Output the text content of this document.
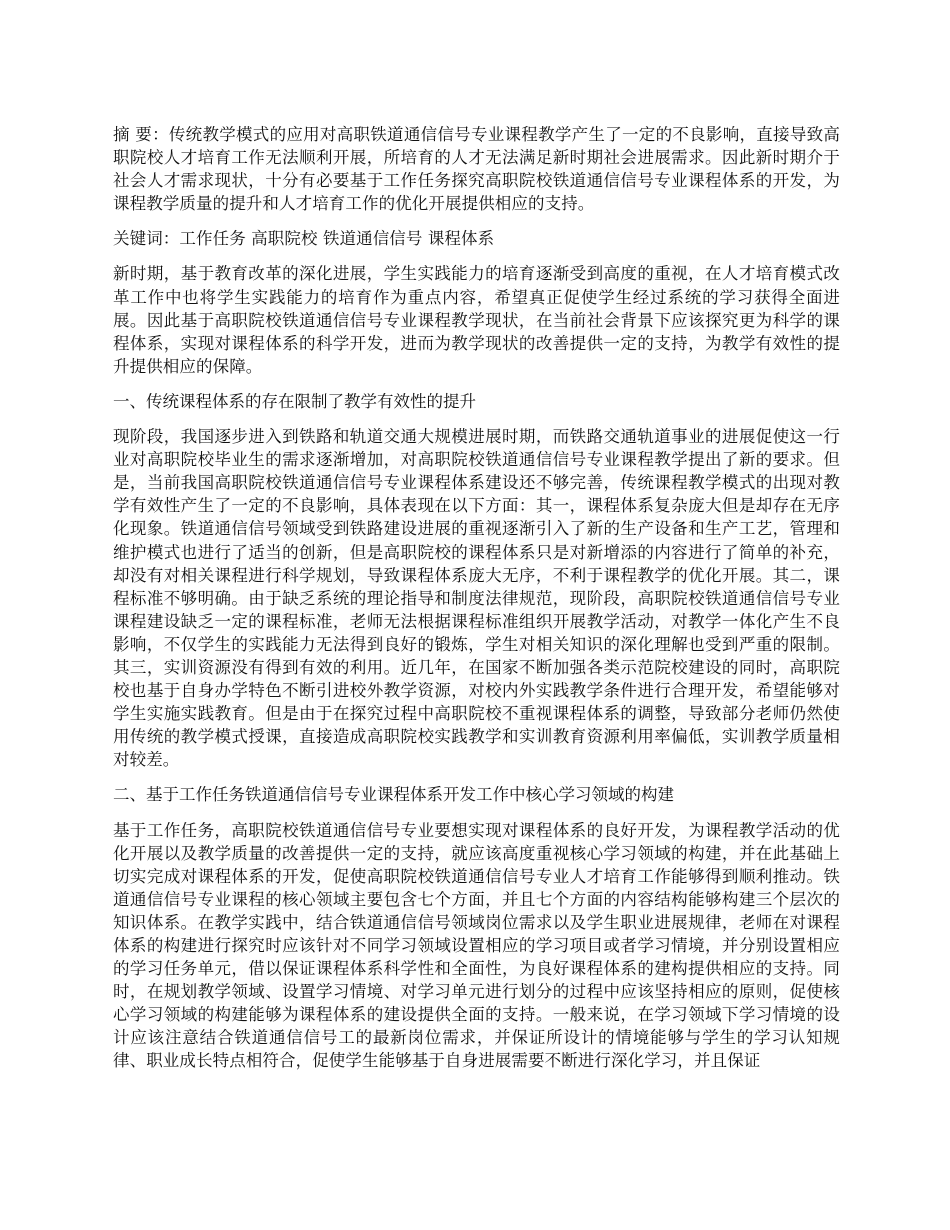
摘 要：传统教学模式的应用对高职铁道通信信号专业课程教学产生了一定的不良影响，直接导致高职院校人才培育工作无法顺利开展，所培育的人才无法满足新时期社会进展需求。因此新时期介于社会人才需求现状，十分有必要基于工作任务探究高职院校铁道通信信号专业课程体系的开发，为课程教学质量的提升和人才培育工作的优化开展提供相应的支持。

关键词：工作任务 高职院校 铁道通信信号 课程体系

新时期，基于教育改革的深化进展，学生实践能力的培育逐渐受到高度的重视，在人才培育模式改革工作中也将学生实践能力的培育作为重点内容，希望真正促使学生经过系统的学习获得全面进展。因此基于高职院校铁道通信信号专业课程教学现状，在当前社会背景下应该探究更为科学的课程体系，实现对课程体系的科学开发，进而为教学现状的改善提供一定的支持，为教学有效性的提升提供相应的保障。

一、传统课程体系的存在限制了教学有效性的提升

现阶段，我国逐步进入到铁路和轨道交通大规模进展时期，而铁路交通轨道事业的进展促使这一行业对高职院校毕业生的需求逐渐增加，对高职院校铁道通信信号专业课程教学提出了新的要求。但是，当前我国高职院校铁道通信信号专业课程体系建设还不够完善，传统课程教学模式的出现对教学有效性产生了一定的不良影响，具体表现在以下方面：其一，课程体系复杂庞大但是却存在无序化现象。铁道通信信号领域受到铁路建设进展的重视逐渐引入了新的生产设备和生产工艺，管理和维护模式也进行了适当的创新，但是高职院校的课程体系只是对新增添的内容进行了简单的补充，却没有对相关课程进行科学规划，导致课程体系庞大无序，不利于课程教学的优化开展。其二，课程标准不够明确。由于缺乏系统的理论指导和制度法律规范，现阶段，高职院校铁道通信信号专业课程建设缺乏一定的课程标准，老师无法根据课程标准组织开展教学活动，对教学一体化产生不良影响，不仅学生的实践能力无法得到良好的锻炼，学生对相关知识的深化理解也受到严重的限制。其三，实训资源没有得到有效的利用。近几年，在国家不断加强各类示范院校建设的同时，高职院校也基于自身办学特色不断引进校外教学资源，对校内外实践教学条件进行合理开发，希望能够对学生实施实践教育。但是由于在探究过程中高职院校不重视课程体系的调整，导致部分老师仍然使用传统的教学模式授课，直接造成高职院校实践教学和实训教育资源利用率偏低，实训教学质量相对较差。

二、基于工作任务铁道通信信号专业课程体系开发工作中核心学习领域的构建

基于工作任务，高职院校铁道通信信号专业要想实现对课程体系的良好开发，为课程教学活动的优化开展以及教学质量的改善提供一定的支持，就应该高度重视核心学习领域的构建，并在此基础上切实完成对课程体系的开发，促使高职院校铁道通信信号专业人才培育工作能够得到顺利推动。铁道通信信号专业课程的核心领域主要包含七个方面，并且七个方面的内容结构能够构建三个层次的知识体系。在教学实践中，结合铁道通信信号领域岗位需求以及学生职业进展规律，老师在对课程体系的构建进行探究时应该针对不同学习领域设置相应的学习项目或者学习情境，并分别设置相应的学习任务单元，借以保证课程体系科学性和全面性，为良好课程体系的建构提供相应的支持。同时，在规划教学领域、设置学习情境、对学习单元进行划分的过程中应该坚持相应的原则，促使核心学习领域的构建能够为课程体系的建设提供全面的支持。一般来说，在学习领域下学习情境的设计应该注意结合铁道通信信号工的最新岗位需求，并保证所设计的情境能够与学生的学习认知规律、职业成长特点相符合，促使学生能够基于自身进展需要不断进行深化学习，并且保证
